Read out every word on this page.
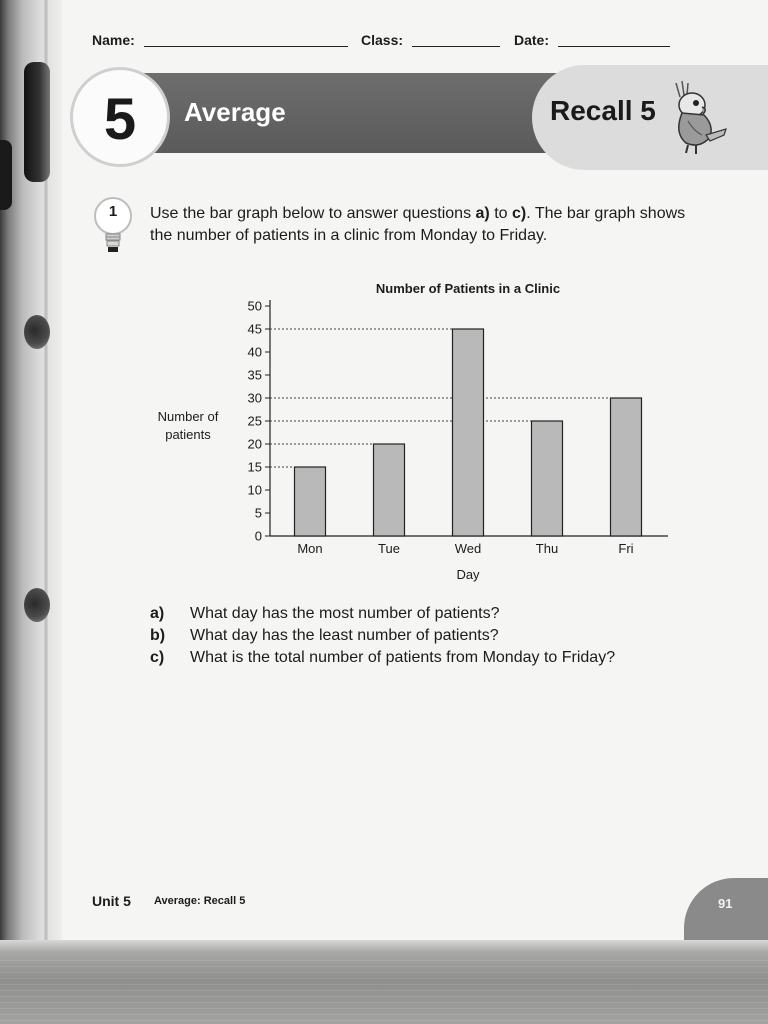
Name:	Class:	Date:
5	Average	Recall 5
1	Use the bar graph below to answer questions a) to c). The bar graph shows the number of patients in a clinic from Monday to Friday.
Number of Patients in a Clinic
Number of patients
0
5
10
15
20
25
30
35
40
45
50
Mon	Tue	Wed	Thu	Fri
Day
a) What day has the most number of patients?
b) What day has the least number of patients?
c) What is the total number of patients from Monday to Friday?
Unit 5 Average: Recall 5	91
